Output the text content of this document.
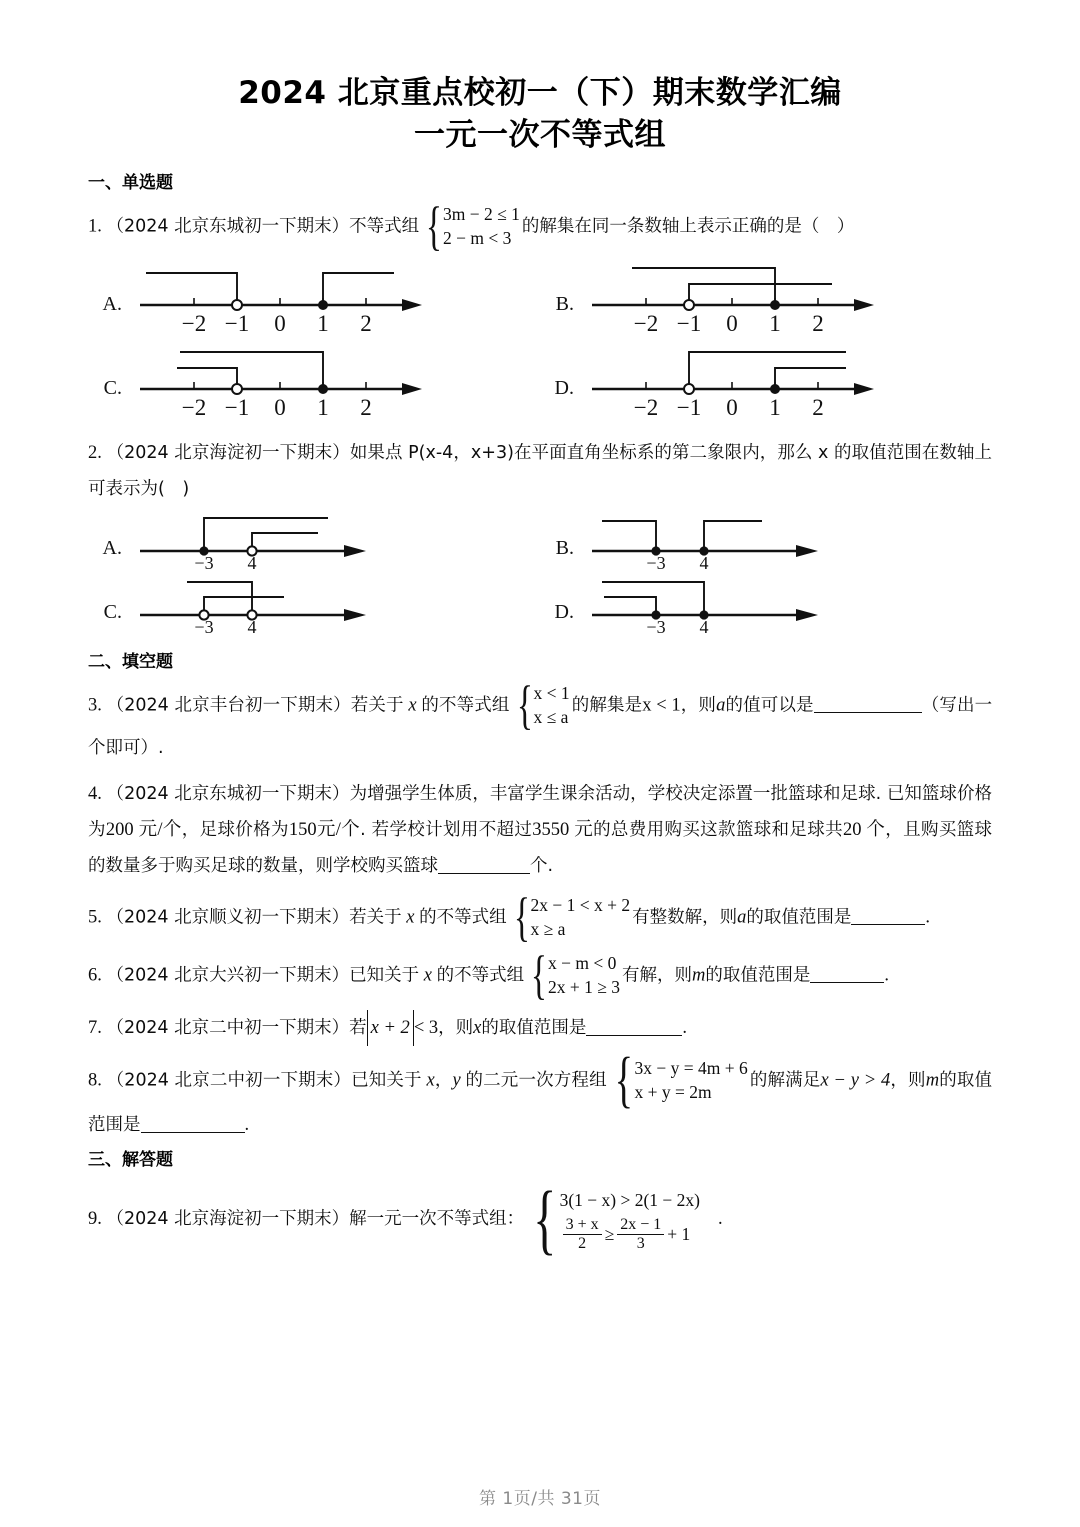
2024 北京重点校初一（下）期末数学汇编
一元一次不等式组
一、单选题
1. （2024 北京东城初一下期末）不等式组 { 3m − 2 ≤ 1
2 − m < 3
的解集在同一条数轴上表示正确的是（　）
A.
−2 −1 0 1 2
B.
−2 −1 0 1 2
C.
−2 −1 0 1 2
D.
−2 −1 0 1 2
2. （2024 北京海淀初一下期末）如果点 P(x-4，x+3)在平面直角坐标系的第二象限内，那么 x 的取值范围在数轴上可表示为(　)
A.
−3 4
B.
−3 4
C.
−3 4
D.
−3 4
二、填空题
3. （2024 北京丰台初一下期末）若关于 x 的不等式组 { x < 1
x ≤ a
的解集是x < 1，则a的值可以是	（写出一个即可）.
4. （2024 北京东城初一下期末）为增强学生体质，丰富学生课余活动，学校决定添置一批篮球和足球. 已知篮球价格为200 元/个，足球价格为150元/个. 若学校计划用不超过3550 元的总费用购买这款篮球和足球共20 个，且购买篮球的数量多于购买足球的数量，则学校购买篮球	个.
5. （2024 北京顺义初一下期末）若关于 x 的不等式组 { 2x − 1 < x + 2
x ≥ a
有整数解，则a的取值范围是	.
6. （2024 北京大兴初一下期末）已知关于 x 的不等式组 { x − m < 0
2x + 1 ≥ 3
有解，则m的取值范围是	.
7. （2024 北京二中初一下期末）若 x + 2 < 3，则x的取值范围是	.
8. （2024 北京二中初一下期末）已知关于 x，y 的二元一次方程组 { 3x − y = 4m + 6
x + y = 2m
的解满足x − y > 4，则m的取值范围是	.
三、解答题
9. （2024 北京海淀初一下期末）解一元一次不等式组： { 3(1 − x) > 2(1 − 2x)
$\frac{3 + x}{2} \ge \frac{2x - 1}{3} + 1$
.
第 1页/共 31页
